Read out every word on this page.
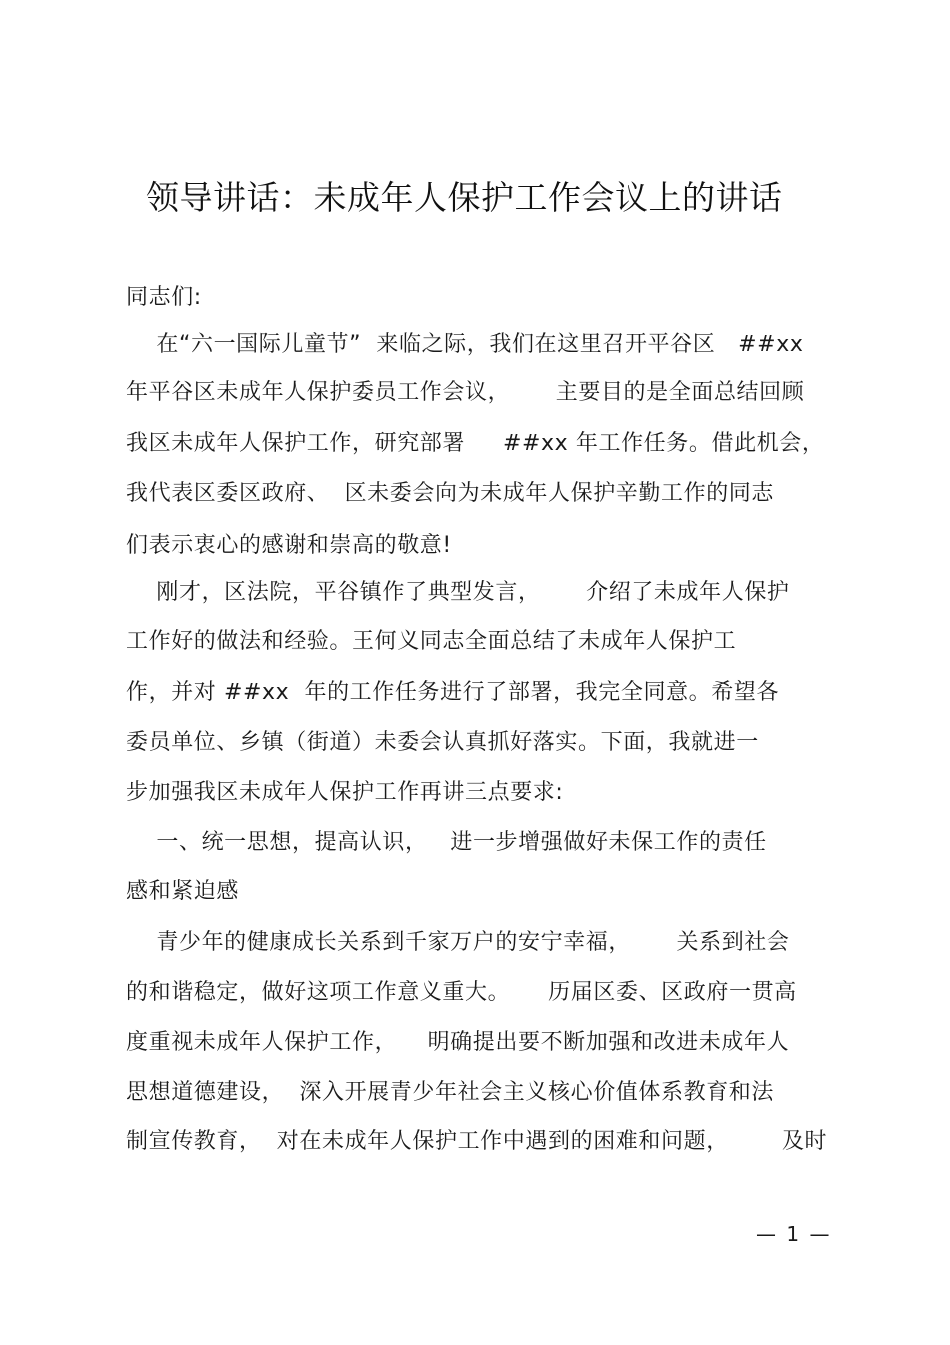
领导讲话：未成年人保护工作会议上的讲话
同志们:
在“六一国际儿童节”  来临之际，我们在这里召开平谷区   ##xx
年平谷区未成年人保护委员工作会议，      主要目的是全面总结回顾
我区未成年人保护工作，研究部署     ##xx 年工作任务。借此机会，
我代表区委区政府、  区未委会向为未成年人保护辛勤工作的同志
们表示衷心的感谢和崇高的敬意!
刚才，区法院，平谷镇作了典型发言，      介绍了未成年人保护
工作好的做法和经验。王何义同志全面总结了未成年人保护工
作，并对 ##xx  年的工作任务进行了部署，我完全同意。希望各
委员单位、乡镇（街道）未委会认真抓好落实。下面，我就进一
步加强我区未成年人保护工作再讲三点要求:
一、统一思想，提高认识，   进一步增强做好未保工作的责任
感和紧迫感
青少年的健康成长关系到千家万户的安宁幸福，      关系到社会
的和谐稳定，做好这项工作意义重大。     历届区委、区政府一贯高
度重视未成年人保护工作，    明确提出要不断加强和改进未成年人
思想道德建设，  深入开展青少年社会主义核心价值体系教育和法
制宣传教育，  对在未成年人保护工作中遇到的困难和问题，       及时
— 1 —
